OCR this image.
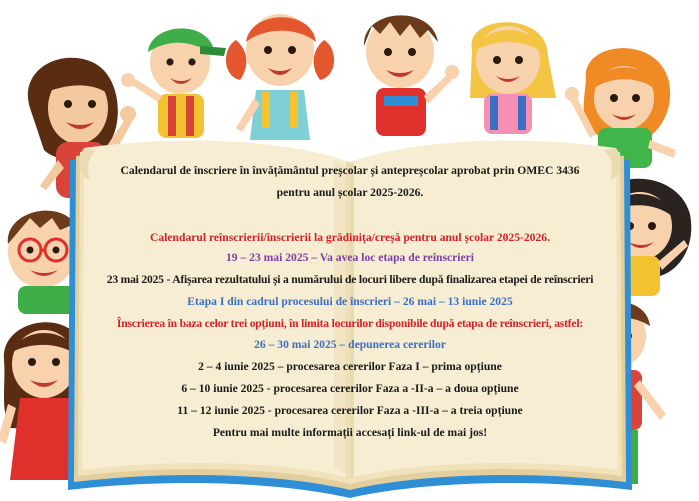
Calendarul de înscriere în învățământul preșcolar și antepreșcolar aprobat prin OMEC 3436
pentru anul școlar 2025-2026.
Calendarul reînscrierii/înscrierii la grădinița/creșă pentru anul școlar 2025-2026.
19 – 23 mai 2025 – Va avea loc etapa de reînscrieri
23 mai 2025 - Afișarea rezultatului și a numărului de locuri libere după finalizarea etapei de reînscrieri
Etapa I din cadrul procesului de înscrieri – 26 mai – 13 iunie 2025
Înscrierea în baza celor trei opțiuni, în limita locurilor disponibile după etapa de reînscrieri, astfel:
26 – 30 mai 2025 – depunerea cererilor
2 – 4 iunie 2025 – procesarea cererilor Faza I – prima opțiune
6 – 10 iunie 2025 - procesarea cererilor Faza a -II-a – a doua opțiune
11 – 12 iunie 2025 - procesarea cererilor Faza a -III-a – a treia opțiune
Pentru mai multe informații accesați link-ul de mai jos!
